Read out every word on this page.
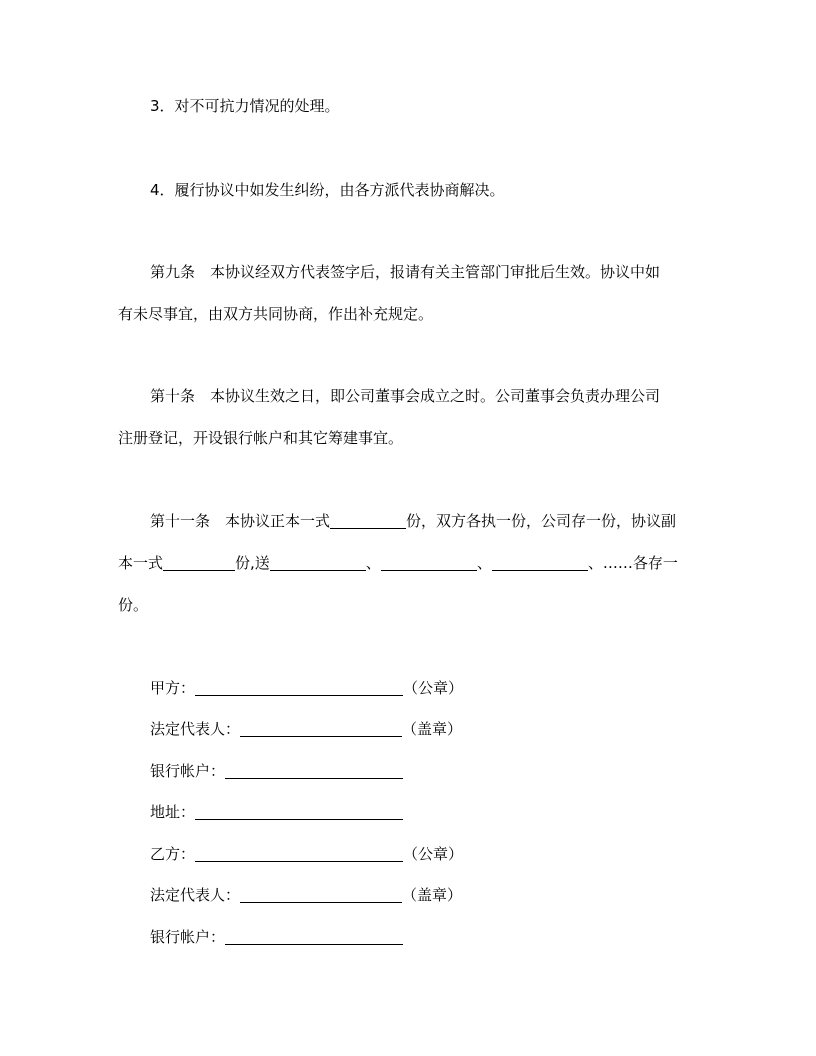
3．对不可抗力情况的处理。
4．履行协议中如发生纠纷，由各方派代表协商解决。
第九条　本协议经双方代表签字后，报请有关主管部门审批后生效。协议中如
有未尽事宜，由双方共同协商，作出补充规定。
第十条　本协议生效之日，即公司董事会成立之时。公司董事会负责办理公司
注册登记，开设银行帐户和其它筹建事宜。
第十一条　本协议正本一式	份，双方各执一份，公司存一份，协议副
本一式	份,送	、	、	、……各存一
份。
甲方：	（公章）
法定代表人：	（盖章）
银行帐户：
地址：
乙方：	（公章）
法定代表人：	（盖章）
银行帐户：
